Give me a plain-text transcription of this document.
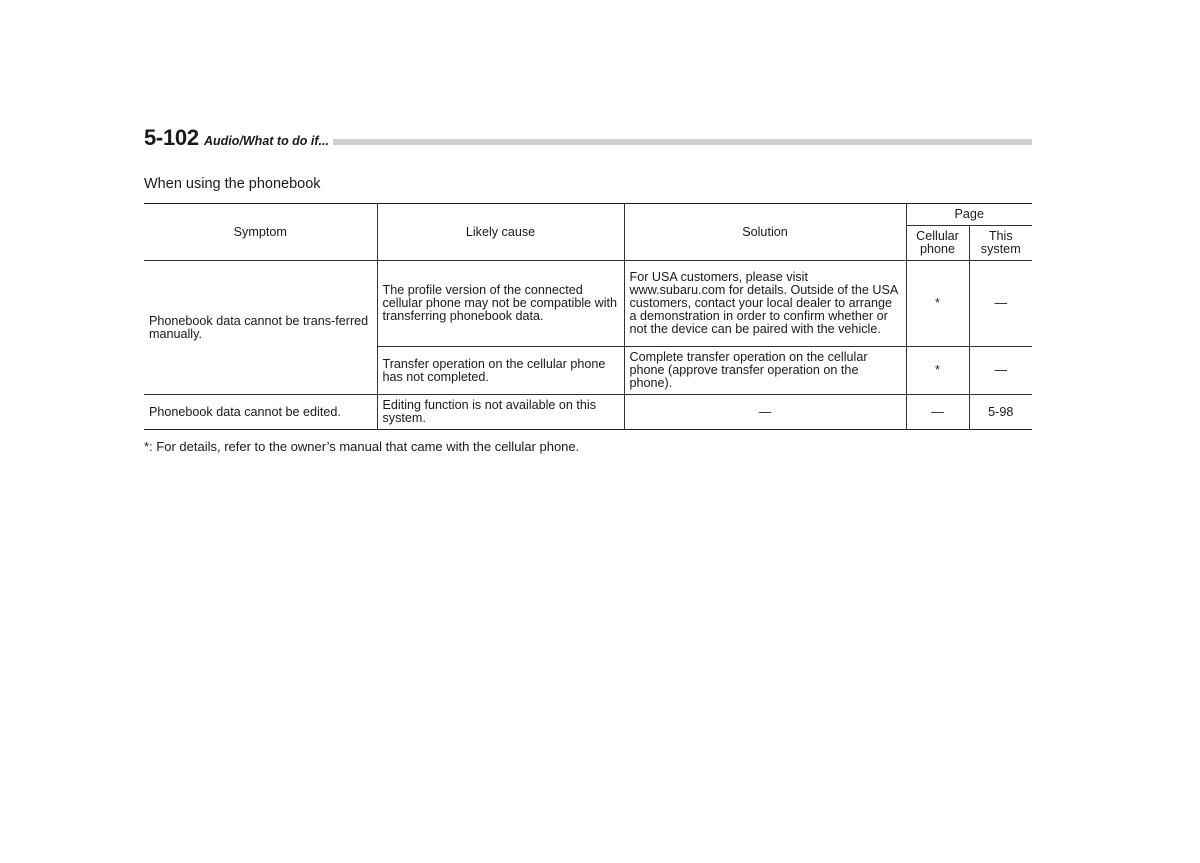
5-102 Audio/What to do if...
When using the phonebook
Symptom	Likely cause	Solution	Page	
			Cellular phone	This system
Phonebook data cannot be trans-ferred manually.	The profile version of the connected cellular phone may not be compatible with transferring phonebook data.	For USA customers, please visit www.subaru.com for details. Outside of the USA customers, contact your local dealer to arrange a demonstration in order to confirm whether or not the device can be paired with the vehicle.	*	—
	Transfer operation on the cellular phone has not completed.	Complete transfer operation on the cellular phone (approve transfer operation on the phone).	*	—
Phonebook data cannot be edited.	Editing function is not available on this system.	—	—	5-98
*: For details, refer to the owner’s manual that came with the cellular phone.
